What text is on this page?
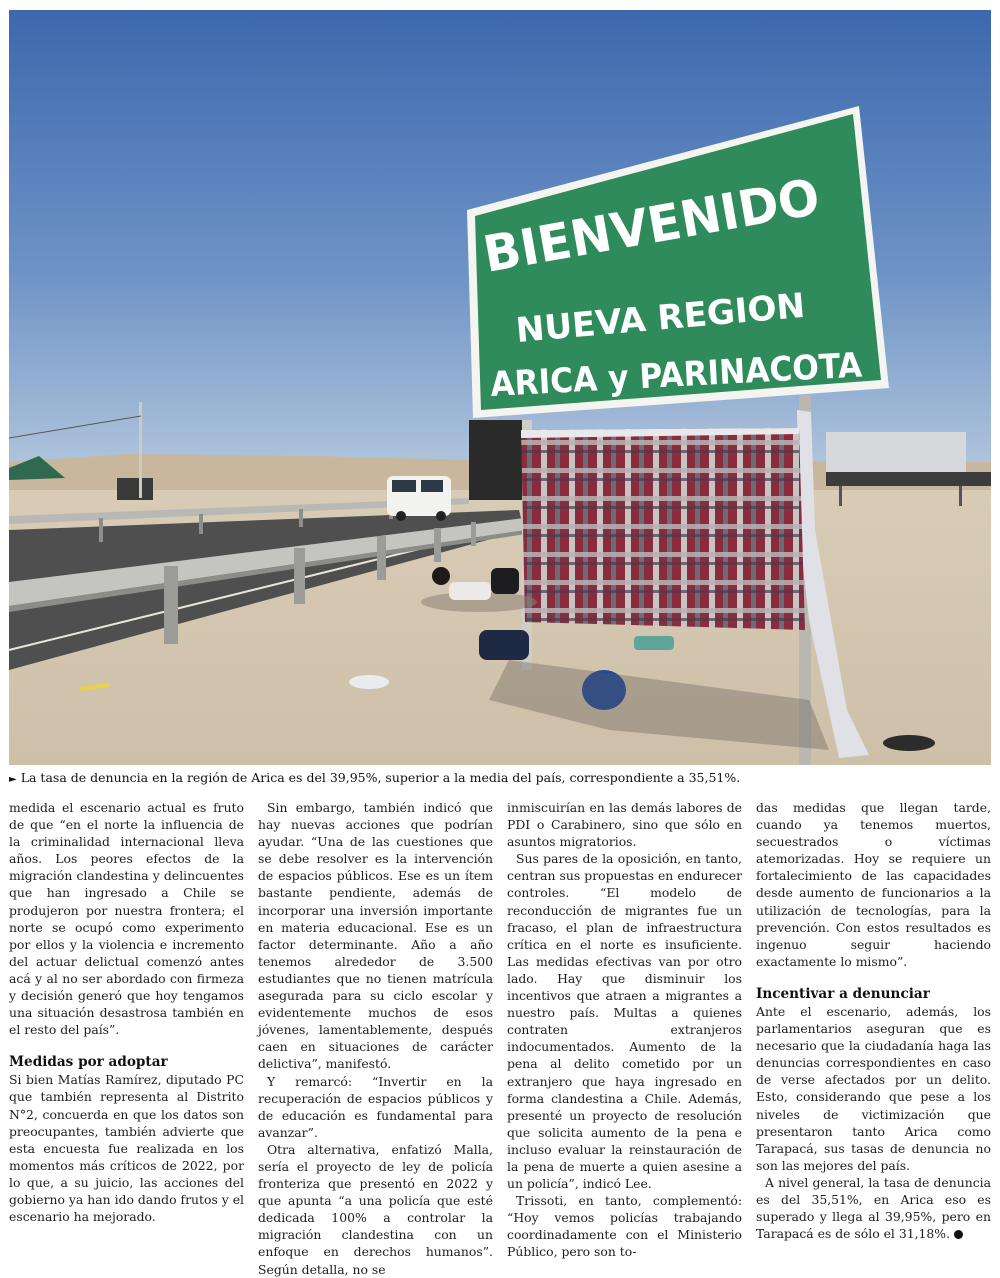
BIENVENIDO
NUEVA REGION
ARICA y PARINACOTA
► La tasa de denuncia en la región de Arica es del 39,95%, superior a la media del país, correspondiente a 35,51%.

medida el escenario actual es fruto de que “en el norte la influencia de la criminalidad internacional lleva años. Los peores efectos de la migración clandestina y delincuentes que han ingresado a Chile se produjeron por nuestra frontera; el norte se ocupó como experimento por ellos y la violencia e incremento del actuar delictual comenzó antes acá y al no ser abordado con firmeza y decisión generó que hoy tengamos una situación desastrosa también en el resto del país”.

Medidas por adoptar

Si bien Matías Ramírez, diputado PC que también representa al Distrito N°2, concuerda en que los datos son preocupantes, también advierte que esta encuesta fue realizada en los momentos más críticos de 2022, por lo que, a su juicio, las acciones del gobierno ya han ido dando frutos y el escenario ha mejorado.

Sin embargo, también indicó que hay nuevas acciones que podrían ayudar. “Una de las cuestiones que se debe resolver es la intervención de espacios públicos. Ese es un ítem bastante pendiente, además de incorporar una inversión importante en materia educacional. Ese es un factor determinante. Año a año tenemos alrededor de 3.500 estudiantes que no tienen matrícula asegurada para su ciclo escolar y evidentemente muchos de esos jóvenes, lamentablemente, después caen en situaciones de carácter delictiva”, manifestó.

Y remarcó: “Invertir en la recuperación de espacios públicos y de educación es fundamental para avanzar”.

Otra alternativa, enfatizó Malla, sería el proyecto de ley de policía fronteriza que presentó en 2022 y que apunta “a una policía que esté dedicada 100% a controlar la migración clandestina con un enfoque en derechos humanos”. Según detalla, no se

inmiscuirían en las demás labores de PDI o Carabinero, sino que sólo en asuntos migratorios.

Sus pares de la oposición, en tanto, centran sus propuestas en endurecer controles. “El modelo de reconducción de migrantes fue un fracaso, el plan de infraestructura crítica en el norte es insuficiente. Las medidas efectivas van por otro lado. Hay que disminuir los incentivos que atraen a migrantes a nuestro país. Multas a quienes contraten extranjeros indocumentados. Aumento de la pena al delito cometido por un extranjero que haya ingresado en forma clandestina a Chile. Además, presenté un proyecto de resolución que solicita aumento de la pena e incluso evaluar la reinstauración de la pena de muerte a quien asesine a un policía”, indicó Lee.

Trissoti, en tanto, complementó: “Hoy vemos policías trabajando coordinadamente con el Ministerio Público, pero son to-

das medidas que llegan tarde, cuando ya tenemos muertos, secuestrados o víctimas atemorizadas. Hoy se requiere un fortalecimiento de las capacidades desde aumento de funcionarios a la utilización de tecnologías, para la prevención. Con estos resultados es ingenuo seguir haciendo exactamente lo mismo”.

Incentivar a denunciar

Ante el escenario, además, los parlamentarios aseguran que es necesario que la ciudadanía haga las denuncias correspondientes en caso de verse afectados por un delito. Esto, considerando que pese a los niveles de victimización que presentaron tanto Arica como Tarapacá, sus tasas de denuncia no son las mejores del país.

A nivel general, la tasa de denuncia es del 35,51%, en Arica eso es superado y llega al 39,95%, pero en Tarapacá es de sólo el 31,18%.
